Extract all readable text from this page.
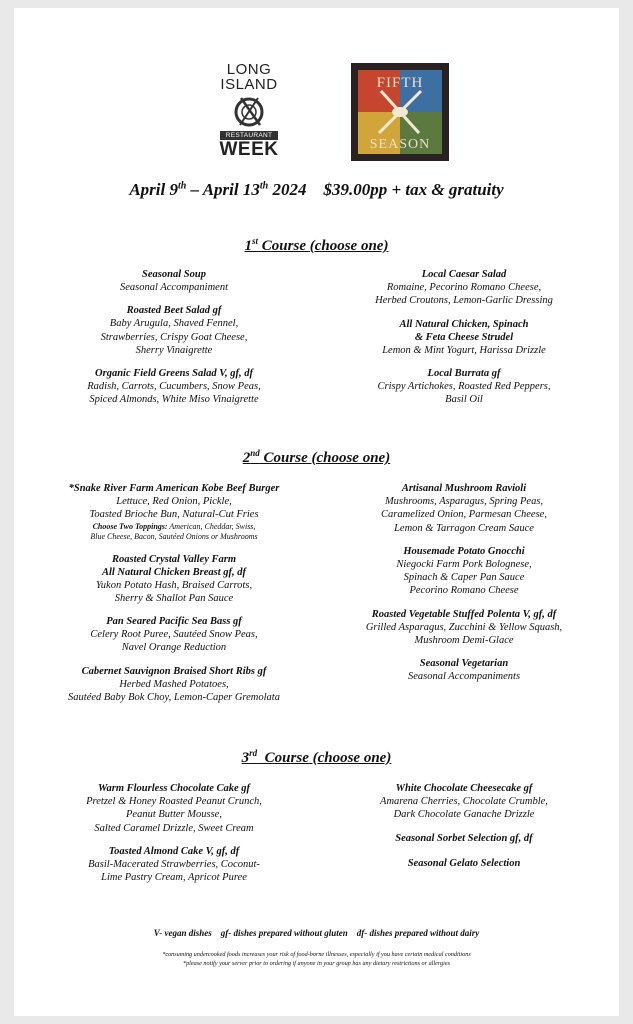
LONG
ISLAND
RESTAURANT
WEEK
FIFTH
SEASON
April 9th – April 13th 2024    $39.00pp + tax & gratuity
1st Course (choose one)
Seasonal Soup
Seasonal Accompaniment
Roasted Beet Salad gf
Baby Arugula, Shaved Fennel,
Strawberries, Crispy Goat Cheese,
Sherry Vinaigrette
Organic Field Greens Salad V, gf, df
Radish, Carrots, Cucumbers, Snow Peas,
Spiced Almonds, White Miso Vinaigrette
Local Caesar Salad
Romaine, Pecorino Romano Cheese,
Herbed Croutons, Lemon-Garlic Dressing
All Natural Chicken, Spinach
& Feta Cheese Strudel
Lemon & Mint Yogurt, Harissa Drizzle
Local Burrata gf
Crispy Artichokes, Roasted Red Peppers,
Basil Oil
2nd Course (choose one)
*Snake River Farm American Kobe Beef Burger
Lettuce, Red Onion, Pickle,
Toasted Brioche Bun, Natural-Cut Fries
Choose Two Toppings: American, Cheddar, Swiss,
Blue Cheese, Bacon, Sautéed Onions or Mushrooms
Roasted Crystal Valley Farm
All Natural Chicken Breast gf, df
Yukon Potato Hash, Braised Carrots,
Sherry & Shallot Pan Sauce
Pan Seared Pacific Sea Bass gf
Celery Root Puree, Sautéed Snow Peas,
Navel Orange Reduction
Cabernet Sauvignon Braised Short Ribs gf
Herbed Mashed Potatoes,
Sautéed Baby Bok Choy, Lemon-Caper Gremolata
Artisanal Mushroom Ravioli
Mushrooms, Asparagus, Spring Peas,
Caramelized Onion, Parmesan Cheese,
Lemon & Tarragon Cream Sauce
Housemade Potato Gnocchi
Niegocki Farm Pork Bolognese,
Spinach & Caper Pan Sauce
Pecorino Romano Cheese
Roasted Vegetable Stuffed Polenta V, gf, df
Grilled Asparagus, Zucchini & Yellow Squash,
Mushroom Demi-Glace
Seasonal Vegetarian
Seasonal Accompaniments
3rd  Course (choose one)
Warm Flourless Chocolate Cake gf
Pretzel & Honey Roasted Peanut Crunch,
Peanut Butter Mousse,
Salted Caramel Drizzle, Sweet Cream
Toasted Almond Cake V, gf, df
Basil-Macerated Strawberries, Coconut-
Lime Pastry Cream, Apricot Puree
White Chocolate Cheesecake gf
Amarena Cherries, Chocolate Crumble,
Dark Chocolate Ganache Drizzle
Seasonal Sorbet Selection gf, df
Seasonal Gelato Selection
V- vegan dishes    gf- dishes prepared without gluten    df- dishes prepared without dairy
*consuming undercooked foods increases your risk of food-borne illnesses, especially if you have certain medical conditions
*please notify your server prior to ordering if anyone in your group has any dietary restrictions or allergies
